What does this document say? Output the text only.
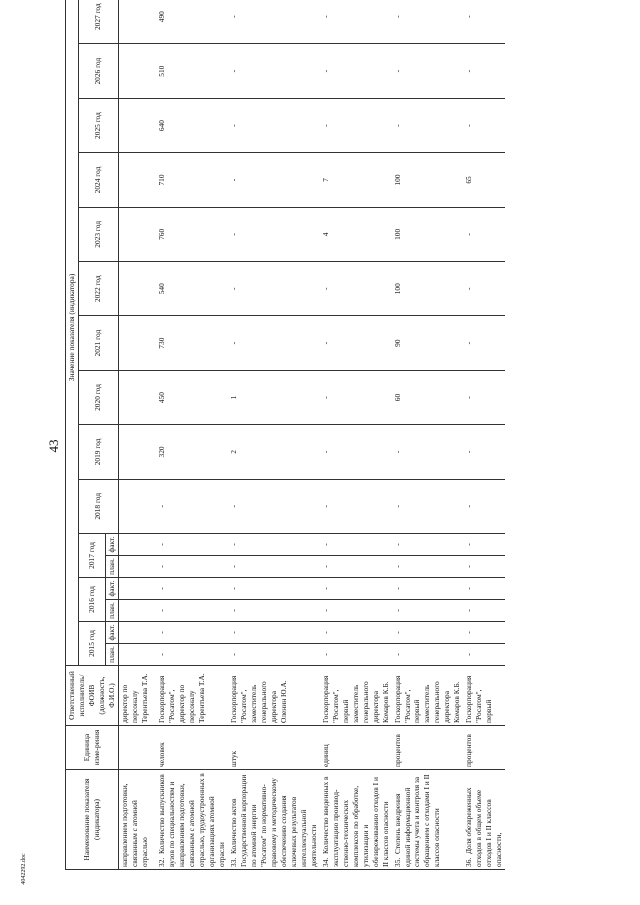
43
4042292.doc
Наименование показателя (индикатора)	Единица изме-рения	Ответственный исполнитель/ ФОИВ (должность, Ф.И.О.)	Значение показателя (индикатора)															
			2015 год		2016 год		2017 год		2018 год	2019 год	2020 год	2021 год	2022 год	2023 год	2024 год	2025 год	2026 год	2027 год
			план.	факт.	план.	факт.	план.	факт.										
направлением подготовки, связанным с атомной отраслью		директор по персоналу Терентьева Т.А.																
32.  Количество выпускников вузов по специальностям и направлениям подготовки, связанным с атомной отраслью, трудоустроенных в организациях атомной отрасли	человек	Госкорпорация "Росатом", директор по персоналу Терентьева Т.А.	-	-	-	-	-	-	-	320	450	730	540	760	710	640	510	490
33.  Количество актов Государственной корпорации по атомной энергии "Росатом" по нормативно-правовому и методическому обеспечению создания ключевых результатов интеллектуальной деятельности	штук	Госкорпорация "Росатом", заместитель генерального директора Оленин Ю.А.	-	-	-	-	-	-	-	2	1	-	-	-	-	-	-	-
34.  Количество введенных в эксплуатацию производ-ственно-технических комплексов по обработке, утилизации и обезвреживанию отходов I и II классов опасности	единиц	Госкорпорация "Росатом", первый заместитель генерального директора Комаров К.Б.	-	-	-	-	-	-	-	-	-	-	-	4	7	-	-	-
35.  Степень внедрения единой информационной системы учета и контроля за обращением с отходами I и II классов опасности	процентов	Госкорпорация "Росатом", первый заместитель генерального директора Комаров К.Б.	-	-	-	-	-	-	-	-	60	90	100	100	100	-	-	-
36.  Доля обезвреженных отходов в общем объеме отходов I и II классов опасности,	процентов	Госкорпорация "Росатом", первый	-	-	-	-	-	-	-	-	-	-	-	-	65	-	-	-
